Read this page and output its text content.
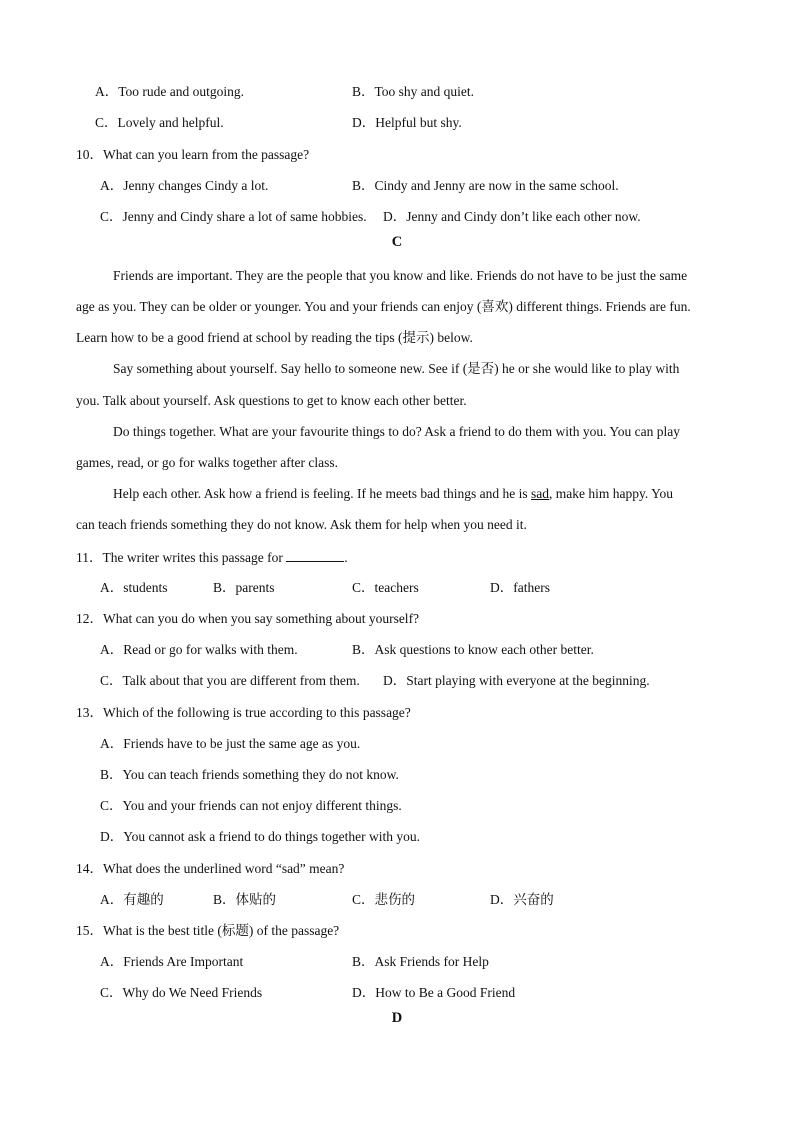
A．Too rude and outgoing.	B．Too shy and quiet.
C．Lovely and helpful.	D．Helpful but shy.
10．What can you learn from the passage?
A．Jenny changes Cindy a lot.	B．Cindy and Jenny are now in the same school.
C．Jenny and Cindy share a lot of same hobbies. D．Jenny and Cindy don’t like each other now.
C
Friends are important. They are the people that you know and like. Friends do not have to be just the same
age as you. They can be older or younger. You and your friends can enjoy (喜欢) different things. Friends are fun.
Learn how to be a good friend at school by reading the tips (提示) below.
Say something about yourself. Say hello to someone new. See if (是否) he or she would like to play with
you. Talk about yourself. Ask questions to get to know each other better.
Do things together. What are your favourite things to do? Ask a friend to do them with you. You can play
games, read, or go for walks together after class.
Help each other. Ask how a friend is feeling. If he meets bad things and he is sad, make him happy. You
can teach friends something they do not know. Ask them for help when you need it.
11．The writer writes this passage for	.
A．students	B．parents	C．teachers	D．fathers
12．What can you do when you say something about yourself?
A．Read or go for walks with them.	B．Ask questions to know each other better.
C．Talk about that you are different from them. D．Start playing with everyone at the beginning.
13．Which of the following is true according to this passage?
A．Friends have to be just the same age as you.
B．You can teach friends something they do not know.
C．You and your friends can not enjoy different things.
D．You cannot ask a friend to do things together with you.
14．What does the underlined word “sad” mean?
A．有趣的	B．体贴的	C．悲伤的	D．兴奋的
15．What is the best title (标题) of the passage?
A．Friends Are Important	B．Ask Friends for Help
C．Why do We Need Friends	D．How to Be a Good Friend
D
